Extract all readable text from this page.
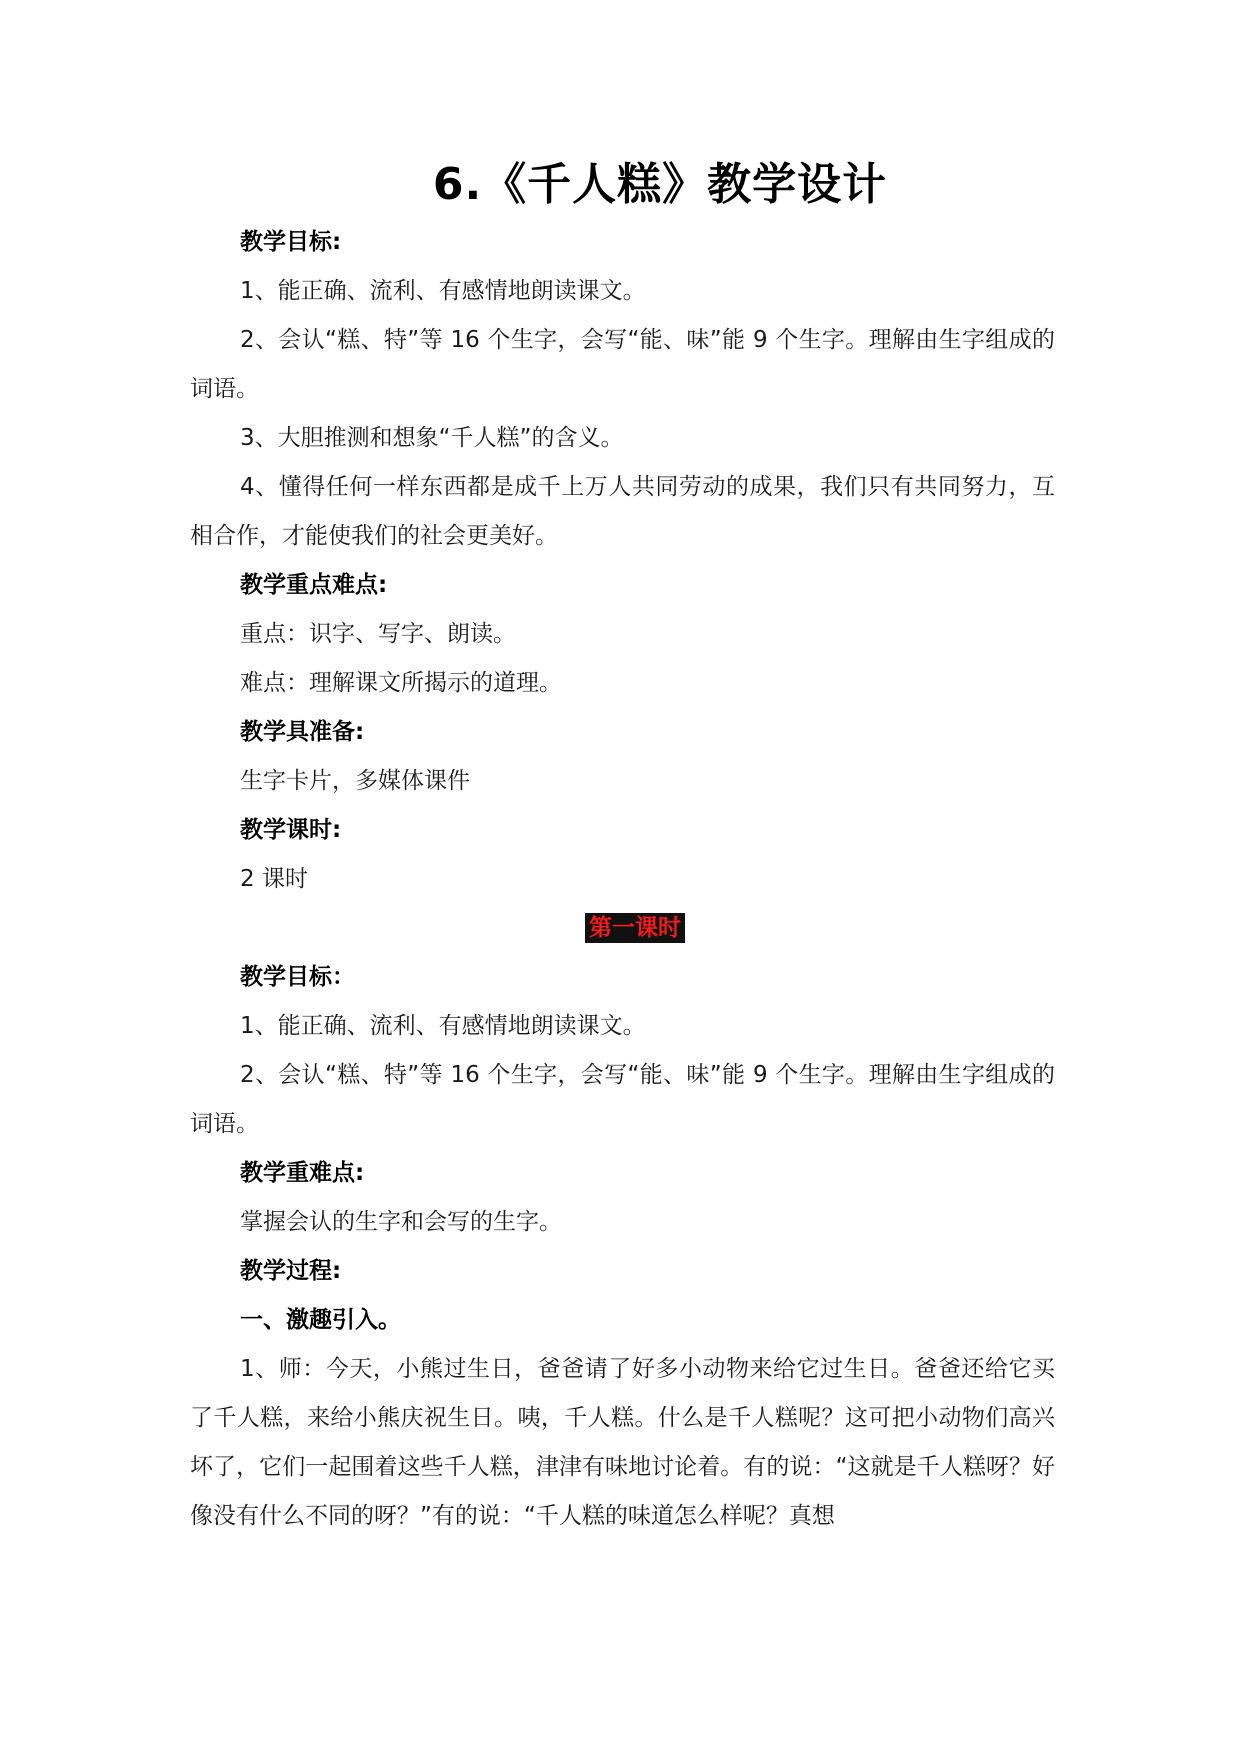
6.《千人糕》教学设计

教学目标:

1、能正确、流利、有感情地朗读课文。

2、会认“糕、特”等 16 个生字，会写“能、味”能 9 个生字。理解由生字组成的词语。

3、大胆推测和想象“千人糕”的含义。

4、懂得任何一样东西都是成千上万人共同劳动的成果，我们只有共同努力，互相合作，才能使我们的社会更美好。

教学重点难点:

重点：识字、写字、朗读。

难点：理解课文所揭示的道理。

教学具准备:

生字卡片，多媒体课件

教学课时:

2 课时

第一课时

教学目标：

1、能正确、流利、有感情地朗读课文。

2、会认“糕、特”等 16 个生字，会写“能、味”能 9 个生字。理解由生字组成的词语。

教学重难点:

掌握会认的生字和会写的生字。

教学过程:

一、激趣引入。

1、师：今天，小熊过生日，爸爸请了好多小动物来给它过生日。爸爸还给它买了千人糕，来给小熊庆祝生日。咦，千人糕。什么是千人糕呢？这可把小动物们高兴坏了，它们一起围着这些千人糕，津津有味地讨论着。有的说：“这就是千人糕呀？好像没有什么不同的呀？”有的说：“千人糕的味道怎么样呢？真想
